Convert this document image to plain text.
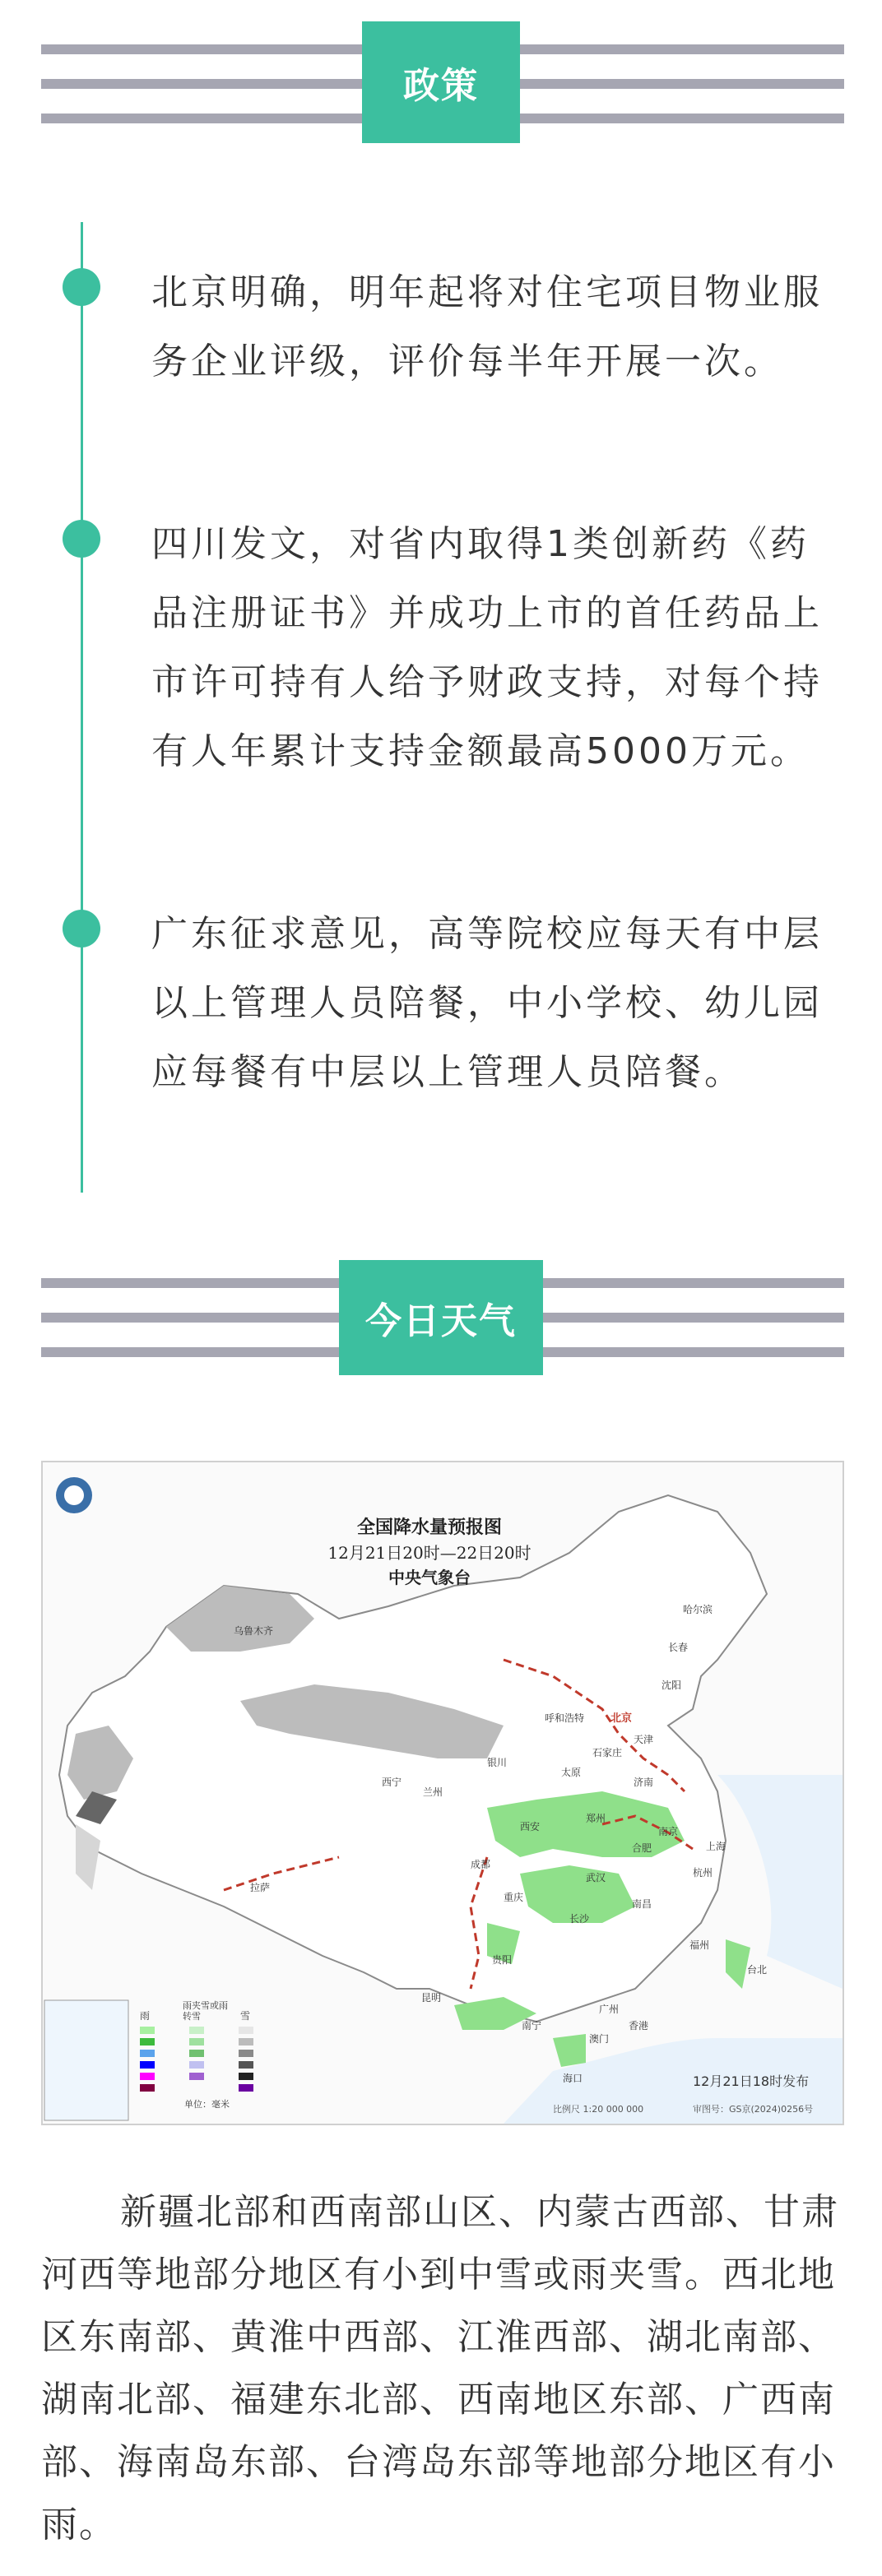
政策
北京明确，明年起将对住宅项目物业服务企业评级，评价每半年开展一次。
四川发文，对省内取得1类创新药《药品注册证书》并成功上市的首任药品上市许可持有人给予财政支持，对每个持有人年累计支持金额最高5000万元。
广东征求意见，高等院校应每天有中层以上管理人员陪餐，中小学校、幼儿园应每餐有中层以上管理人员陪餐。
今日天气
全国降水量预报图
12月21日20时—22日20时
中央气象台
乌鲁木齐
哈尔滨
长春
沈阳
北京
天津
呼和浩特
石家庄
太原
济南
银川
西宁
兰州
西安
郑州
南京
合肥	上海
杭州
武汉
拉萨
成都
重庆
长沙
南昌
贵阳
福州
台北
昆明
南宁
广州
香港
澳门
海口
雨
雨夹雪或雨转雪	雪
单位：毫米
12月21日18时发布
比例尺 1:20 000 000	审图号：GS京(2024)0256号
新疆北部和西南部山区、内蒙古西部、甘肃河西等地部分地区有小到中雪或雨夹雪。西北地区东南部、黄淮中西部、江淮西部、湖北南部、湖南北部、福建东北部、西南地区东部、广西南部、海南岛东部、台湾岛东部等地部分地区有小雨。
